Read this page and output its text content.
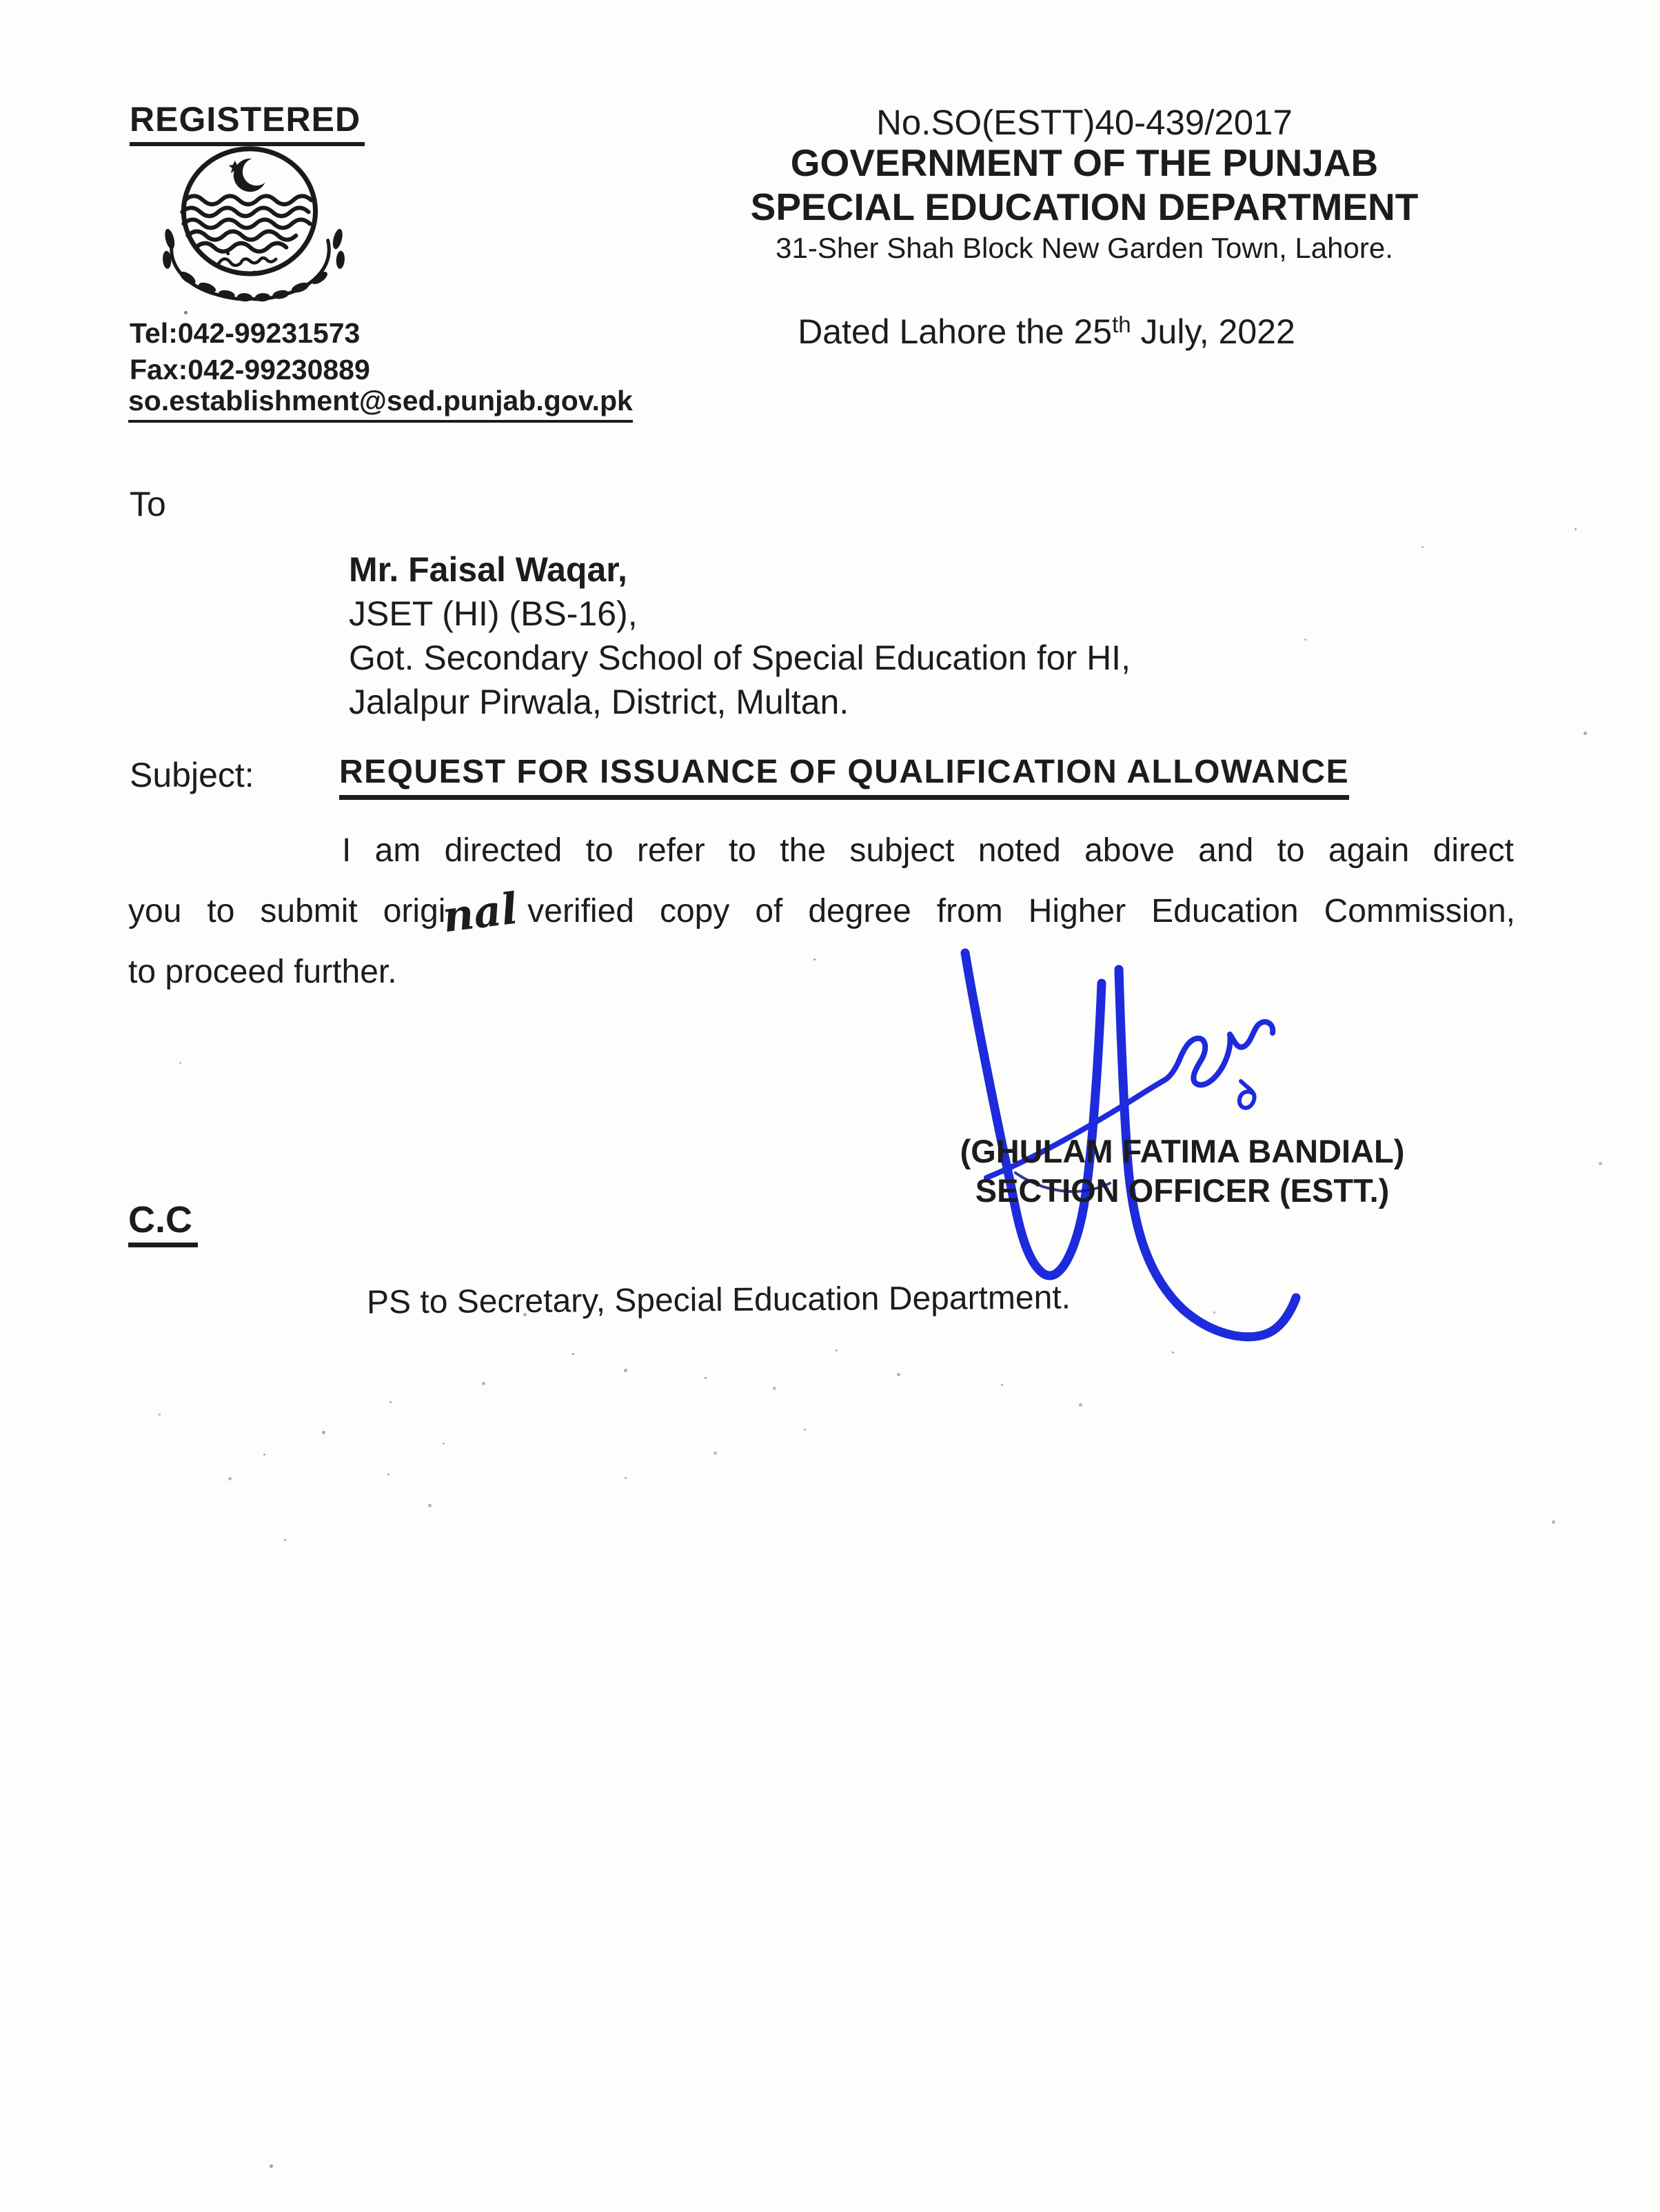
REGISTERED
Tel:042-99231573
Fax:042-99230889
so.establishment@sed.punjab.gov.pk
No.SO(ESTT)40-439/2017
GOVERNMENT OF THE PUNJAB
SPECIAL EDUCATION DEPARTMENT
31-Sher Shah Block New Garden Town, Lahore.
Dated Lahore the 25th July, 2022
To
Mr. Faisal Waqar,
JSET (HI) (BS-16),
Got. Secondary School of Special Education for HI,
Jalalpur Pirwala, District, Multan.
Subject:	REQUEST FOR ISSUANCE OF QUALIFICATION ALLOWANCE
I am directed to refer to the subject noted above and to again direct
you to submit original verified copy of degree from Higher Education Commission,
to proceed further.
(GHULAM FATIMA BANDIAL)
SECTION OFFICER (ESTT.)
C.C
PS to Secretary, Special Education Department.
